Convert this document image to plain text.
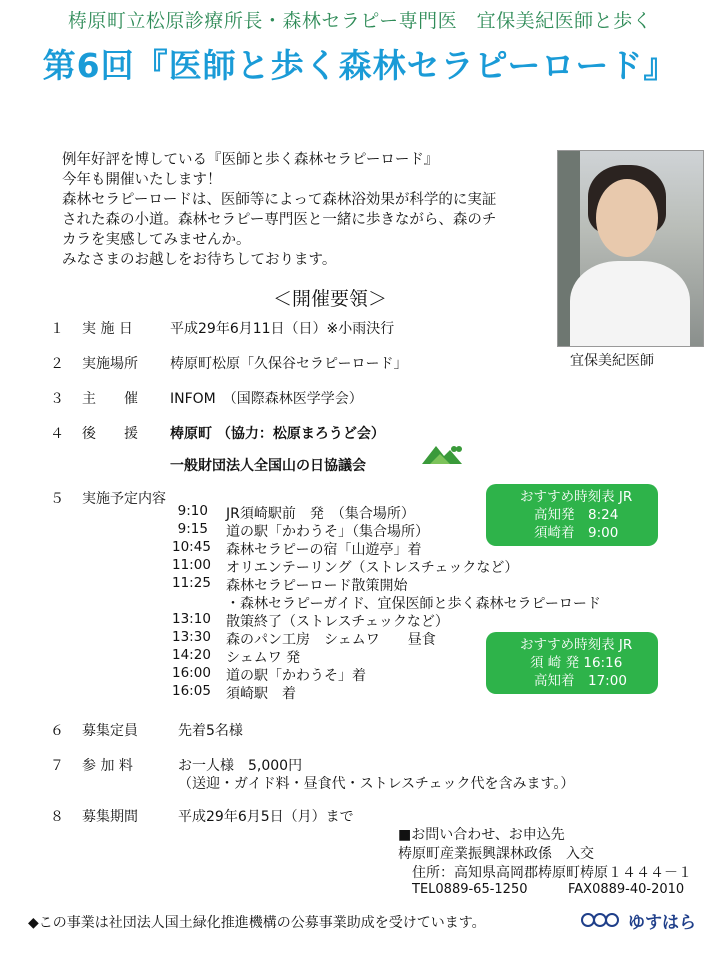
梼原町立松原診療所長・森林セラピー専門医　宜保美紀医師と歩く
第6回『医師と歩く森林セラピーロード』
例年好評を博している『医師と歩く森林セラピーロード』
今年も開催いたします！
森林セラピーロードは、医師等によって森林浴効果が科学的に実証
された森の小道。森林セラピー専門医と一緒に歩きながら、森のチ
カラを実感してみませんか。
みなさまのお越しをお待ちしております。
宜保美紀医師
＜開催要領＞
１ 実 施 日	平成29年6月11日（日）※小雨決行
２ 実施場所 梼原町松原「久保谷セラピーロード」
３ 主　　催 INFOM　（国際森林医学学会）
４ 後　　援 梼原町 （協力：松原まろうど会）
一般財団法人全国山の日協議会
５ 実施予定内容
9:10 JR須崎駅前　発　（集合場所）
9:15 道の駅「かわうそ」（集合場所）
10:45 森林セラピーの宿「山遊亭」着
11:00 オリエンテーリング（ストレスチェックなど）
11:25 森林セラピーロード散策開始
・森林セラピーガイド、宜保医師と歩く森林セラピーロード
13:10 散策終了（ストレスチェックなど）
13:30 森のパン工房　シェムワ　　昼食
14:20 シェムワ 発
16:00 道の駅「かわうそ」着
16:05 須崎駅　着
おすすめ時刻表 JR
高知発　8:24
須崎着　9:00
おすすめ時刻表 JR
須 崎 発 16:16
高知着　17:00
６ 募集定員	先着5名様
７ 参 加 料	お一人様　5,000円
（送迎・ガイド料・昼食代・ストレスチェック代を含みます。）
８ 募集期間	平成29年6月5日（月）まで
■お問い合わせ、お申込先
梼原町産業振興課林政係　入交
住所：高知県高岡郡梼原町梼原１４４４－１
TEL0889-65-1250	FAX0889-40-2010
◆この事業は社団法人国土緑化推進機構の公募事業助成を受けています。	ゆすはら
